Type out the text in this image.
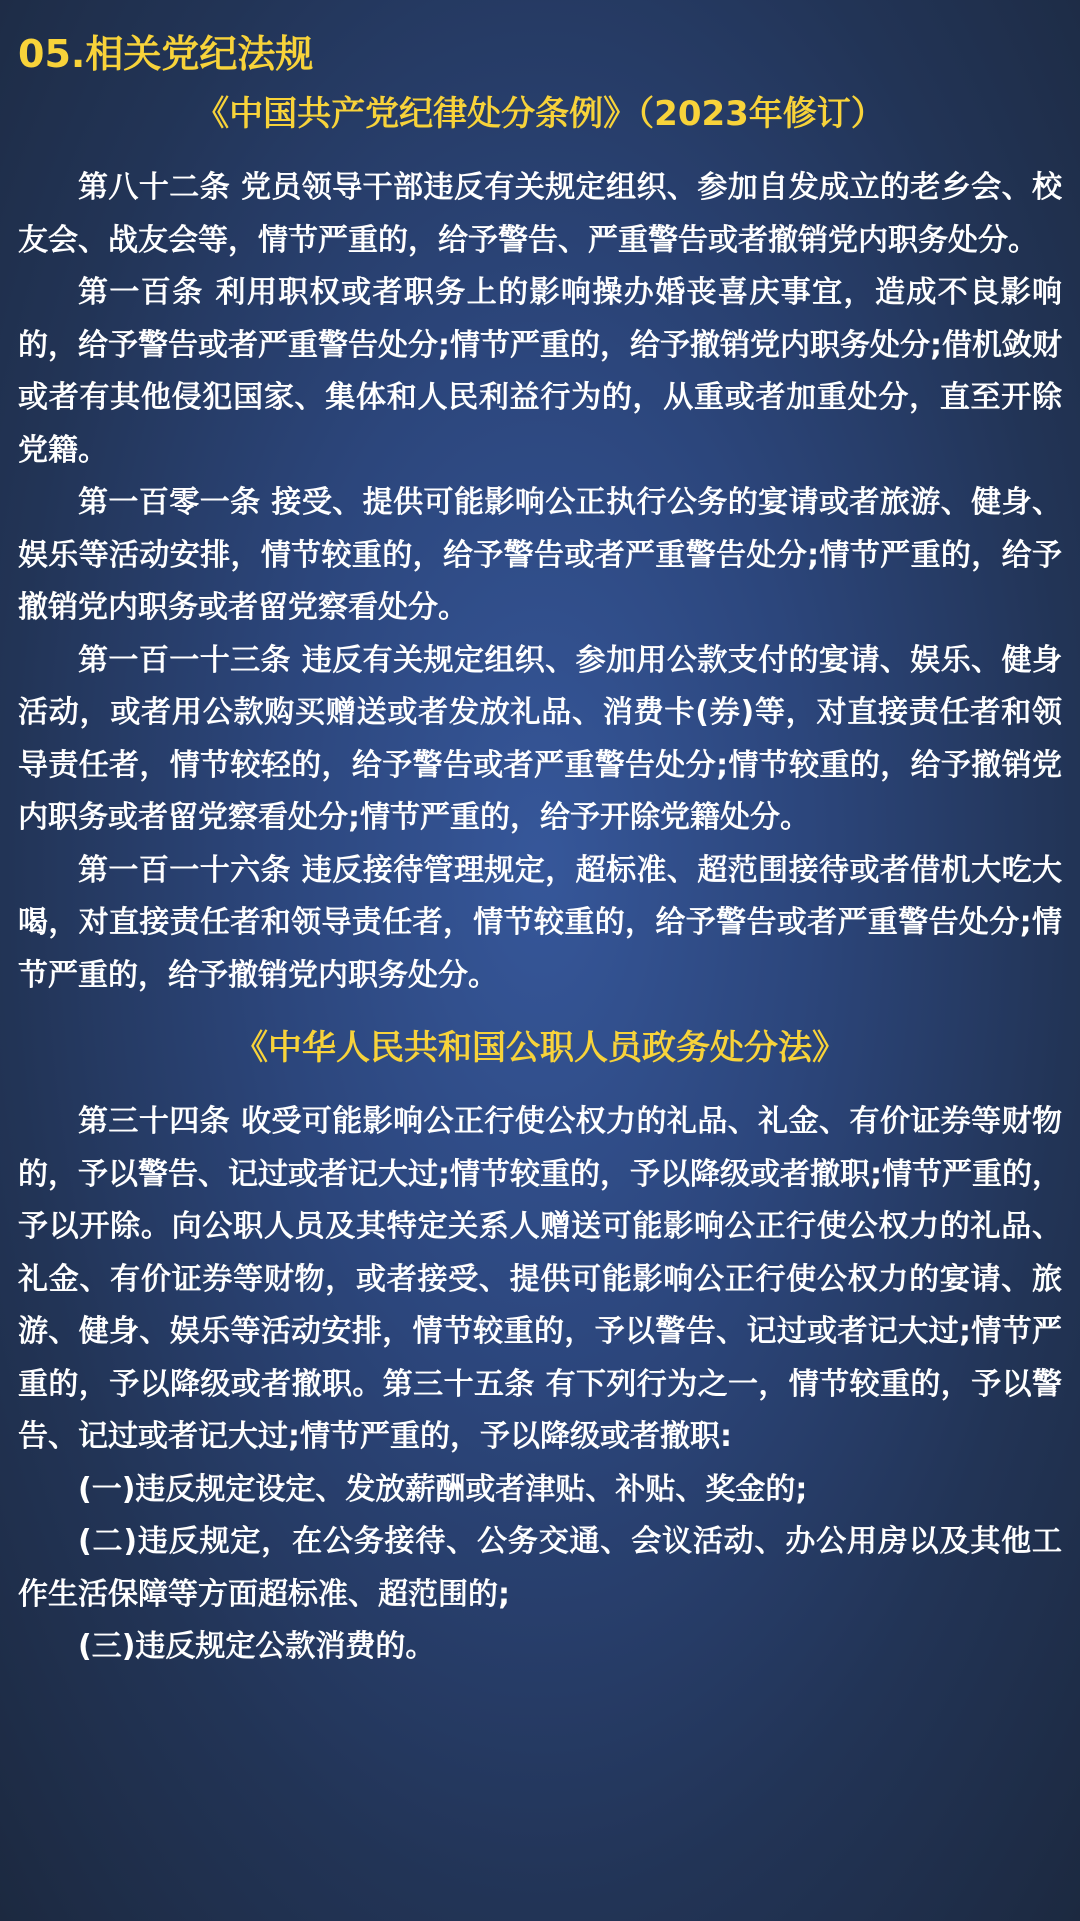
05.相关党纪法规
《中国共产党纪律处分条例》（2023年修订）

第八十二条 党员领导干部违反有关规定组织、参加自发成立的老乡会、校友会、战友会等，情节严重的，给予警告、严重警告或者撤销党内职务处分。

第一百条 利用职权或者职务上的影响操办婚丧喜庆事宜，造成不良影响的，给予警告或者严重警告处分;情节严重的，给予撤销党内职务处分;借机敛财或者有其他侵犯国家、集体和人民利益行为的，从重或者加重处分，直至开除党籍。

第一百零一条 接受、提供可能影响公正执行公务的宴请或者旅游、健身、娱乐等活动安排，情节较重的，给予警告或者严重警告处分;情节严重的，给予撤销党内职务或者留党察看处分。

第一百一十三条 违反有关规定组织、参加用公款支付的宴请、娱乐、健身活动，或者用公款购买赠送或者发放礼品、消费卡(券)等，对直接责任者和领导责任者，情节较轻的，给予警告或者严重警告处分;情节较重的，给予撤销党内职务或者留党察看处分;情节严重的，给予开除党籍处分。

第一百一十六条 违反接待管理规定，超标准、超范围接待或者借机大吃大喝，对直接责任者和领导责任者，情节较重的，给予警告或者严重警告处分;情节严重的，给予撤销党内职务处分。

《中华人民共和国公职人员政务处分法》

第三十四条 收受可能影响公正行使公权力的礼品、礼金、有价证券等财物的，予以警告、记过或者记大过;情节较重的，予以降级或者撤职;情节严重的，予以开除。向公职人员及其特定关系人赠送可能影响公正行使公权力的礼品、礼金、有价证券等财物，或者接受、提供可能影响公正行使公权力的宴请、旅游、健身、娱乐等活动安排，情节较重的，予以警告、记过或者记大过;情节严重的，予以降级或者撤职。第三十五条 有下列行为之一，情节较重的，予以警告、记过或者记大过;情节严重的，予以降级或者撤职:

(一)违反规定设定、发放薪酬或者津贴、补贴、奖金的;

(二)违反规定，在公务接待、公务交通、会议活动、办公用房以及其他工作生活保障等方面超标准、超范围的;

(三)违反规定公款消费的。
